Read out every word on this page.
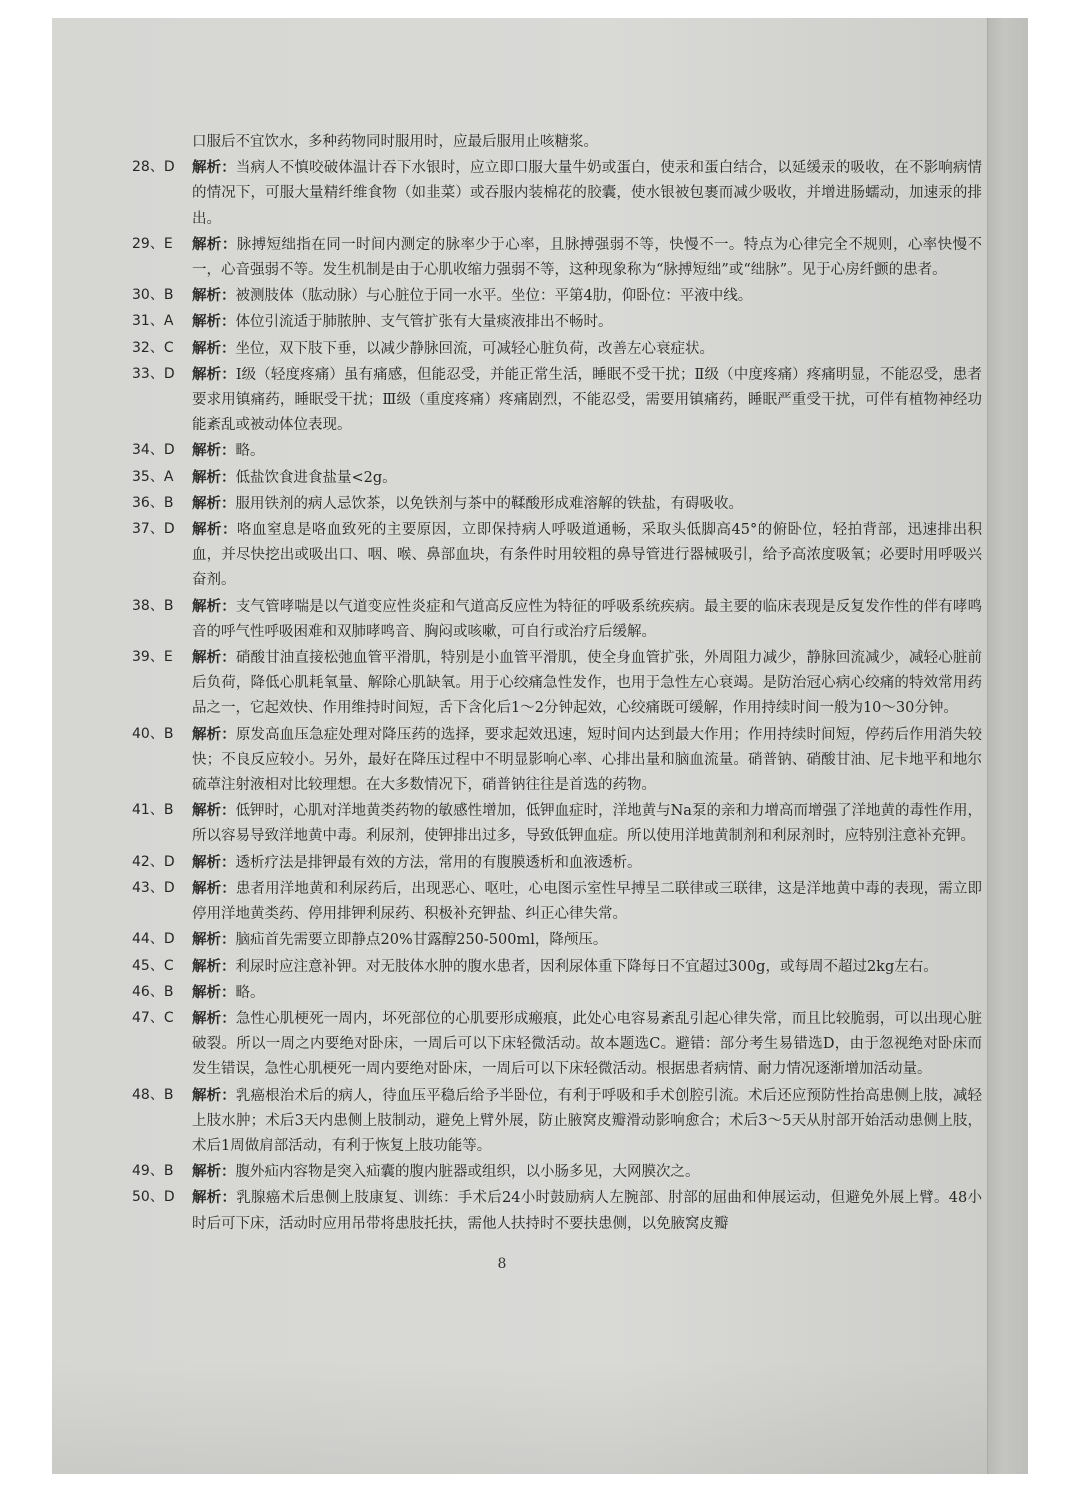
口服后不宜饮水，多种药物同时服用时，应最后服用止咳糖浆。
28、D	解析：当病人不慎咬破体温计吞下水银时，应立即口服大量牛奶或蛋白，使汞和蛋白结合，以延缓汞的吸收，在不影响病情的情况下，可服大量精纤维食物（如韭菜）或吞服内装棉花的胶囊，使水银被包裹而减少吸收，并增进肠蠕动，加速汞的排出。
29、E	解析：脉搏短绌指在同一时间内测定的脉率少于心率，且脉搏强弱不等，快慢不一。特点为心律完全不规则，心率快慢不一，心音强弱不等。发生机制是由于心肌收缩力强弱不等，这种现象称为“脉搏短绌”或“绌脉”。见于心房纤颤的患者。
30、B	解析：被测肢体（肱动脉）与心脏位于同一水平。坐位：平第4肋，仰卧位：平液中线。
31、A	解析：体位引流适于肺脓肿、支气管扩张有大量痰液排出不畅时。
32、C	解析：坐位，双下肢下垂，以减少静脉回流，可减轻心脏负荷，改善左心衰症状。
33、D	解析：Ⅰ级（轻度疼痛）虽有痛感，但能忍受，并能正常生活，睡眠不受干扰；Ⅱ级（中度疼痛）疼痛明显，不能忍受，患者要求用镇痛药，睡眠受干扰；Ⅲ级（重度疼痛）疼痛剧烈，不能忍受，需要用镇痛药，睡眠严重受干扰，可伴有植物神经功能紊乱或被动体位表现。
34、D	解析：略。
35、A	解析：低盐饮食进食盐量<2g。
36、B	解析：服用铁剂的病人忌饮茶，以免铁剂与茶中的鞣酸形成难溶解的铁盐，有碍吸收。
37、D	解析：咯血窒息是咯血致死的主要原因，立即保持病人呼吸道通畅，采取头低脚高45°的俯卧位，轻拍背部，迅速排出积血，并尽快挖出或吸出口、咽、喉、鼻部血块，有条件时用较粗的鼻导管进行器械吸引，给予高浓度吸氧；必要时用呼吸兴奋剂。
38、B	解析：支气管哮喘是以气道变应性炎症和气道高反应性为特征的呼吸系统疾病。最主要的临床表现是反复发作性的伴有哮鸣音的呼气性呼吸困难和双肺哮鸣音、胸闷或咳嗽，可自行或治疗后缓解。
39、E	解析：硝酸甘油直接松弛血管平滑肌，特别是小血管平滑肌，使全身血管扩张，外周阻力减少，静脉回流减少，减轻心脏前后负荷，降低心肌耗氧量、解除心肌缺氧。用于心绞痛急性发作，也用于急性左心衰竭。是防治冠心病心绞痛的特效常用药品之一，它起效快、作用维持时间短，舌下含化后1～2分钟起效，心绞痛既可缓解，作用持续时间一般为10～30分钟。
40、B	解析：原发高血压急症处理对降压药的选择，要求起效迅速，短时间内达到最大作用；作用持续时间短，停药后作用消失较快；不良反应较小。另外，最好在降压过程中不明显影响心率、心排出量和脑血流量。硝普钠、硝酸甘油、尼卡地平和地尔硫䓬注射液相对比较理想。在大多数情况下，硝普钠往往是首选的药物。
41、B	解析：低钾时，心肌对洋地黄类药物的敏感性增加，低钾血症时，洋地黄与Na泵的亲和力增高而增强了洋地黄的毒性作用，所以容易导致洋地黄中毒。利尿剂，使钾排出过多，导致低钾血症。所以使用洋地黄制剂和利尿剂时，应特别注意补充钾。
42、D	解析：透析疗法是排钾最有效的方法，常用的有腹膜透析和血液透析。
43、D	解析：患者用洋地黄和利尿药后，出现恶心、呕吐，心电图示室性早搏呈二联律或三联律，这是洋地黄中毒的表现，需立即停用洋地黄类药、停用排钾利尿药、积极补充钾盐、纠正心律失常。
44、D	解析：脑疝首先需要立即静点20%甘露醇250-500ml，降颅压。
45、C	解析：利尿时应注意补钾。对无肢体水肿的腹水患者，因利尿体重下降每日不宜超过300g，或每周不超过2kg左右。
46、B	解析：略。
47、C	解析：急性心肌梗死一周内，坏死部位的心肌要形成瘢痕，此处心电容易紊乱引起心律失常，而且比较脆弱，可以出现心脏破裂。所以一周之内要绝对卧床，一周后可以下床轻微活动。故本题选C。避错：部分考生易错选D，由于忽视绝对卧床而发生错误，急性心肌梗死一周内要绝对卧床，一周后可以下床轻微活动。根据患者病情、耐力情况逐渐增加活动量。
48、B	解析：乳癌根治术后的病人，待血压平稳后给予半卧位，有利于呼吸和手术创腔引流。术后还应预防性抬高患侧上肢，减轻上肢水肿；术后3天内患侧上肢制动，避免上臂外展，防止腋窝皮瓣滑动影响愈合；术后3～5天从肘部开始活动患侧上肢，术后1周做肩部活动，有利于恢复上肢功能等。
49、B	解析：腹外疝内容物是突入疝囊的腹内脏器或组织，以小肠多见，大网膜次之。
50、D	解析：乳腺癌术后患侧上肢康复、训练：手术后24小时鼓励病人左腕部、肘部的屈曲和伸展运动，但避免外展上臂。48小时后可下床，活动时应用吊带将患肢托扶，需他人扶持时不要扶患侧，以免腋窝皮瓣
8
